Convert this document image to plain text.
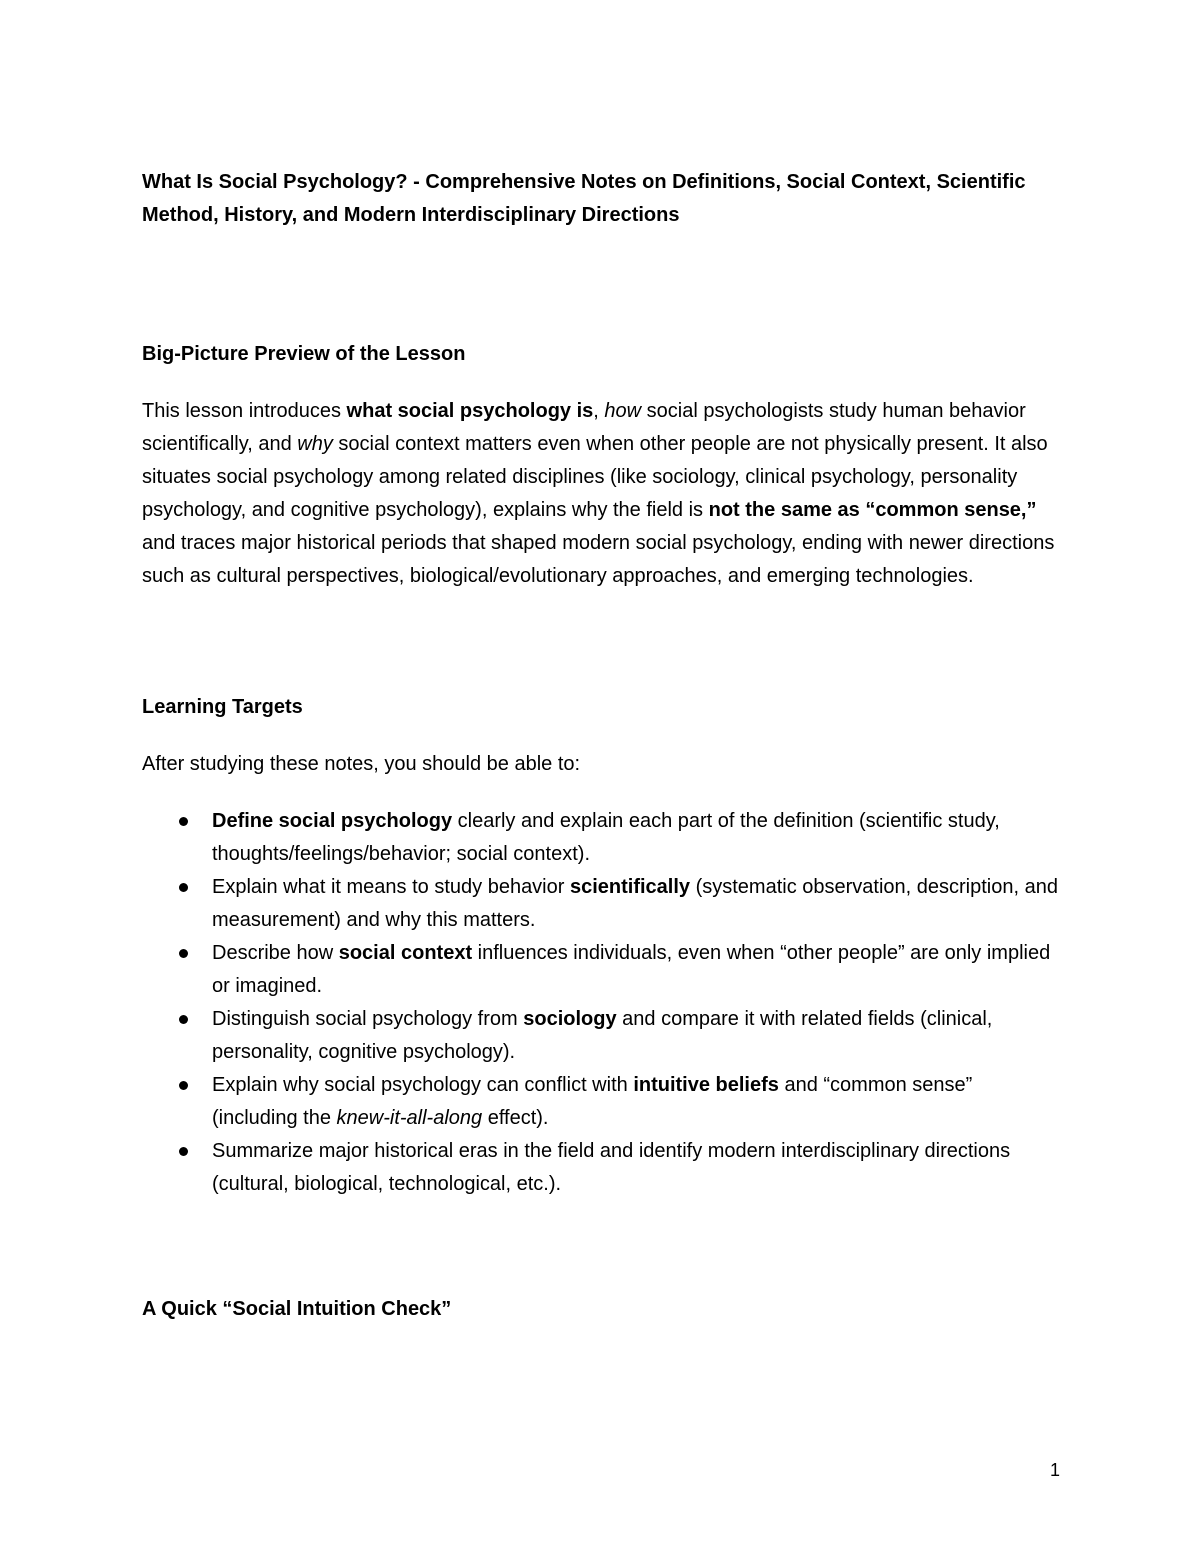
What Is Social Psychology? - Comprehensive Notes on Definitions, Social Context, Scientific Method, History, and Modern Interdisciplinary Directions
Big-Picture Preview of the Lesson

This lesson introduces what social psychology is, how social psychologists study human behavior scientifically, and why social context matters even when other people are not physically present. It also situates social psychology among related disciplines (like sociology, clinical psychology, personality psychology, and cognitive psychology), explains why the field is not the same as “common sense,” and traces major historical periods that shaped modern social psychology, ending with newer directions such as cultural perspectives, biological/evolutionary approaches, and emerging technologies.

Learning Targets

After studying these notes, you should be able to:

Define social psychology clearly and explain each part of the definition (scientific study, thoughts/feelings/behavior; social context).
Explain what it means to study behavior scientifically (systematic observation, description, and measurement) and why this matters.
Describe how social context influences individuals, even when “other people” are only implied or imagined.
Distinguish social psychology from sociology and compare it with related fields (clinical, personality, cognitive psychology).
Explain why social psychology can conflict with intuitive beliefs and “common sense” (including the knew-it-all-along effect).
Summarize major historical eras in the field and identify modern interdisciplinary directions (cultural, biological, technological, etc.).
A Quick “Social Intuition Check”
1
